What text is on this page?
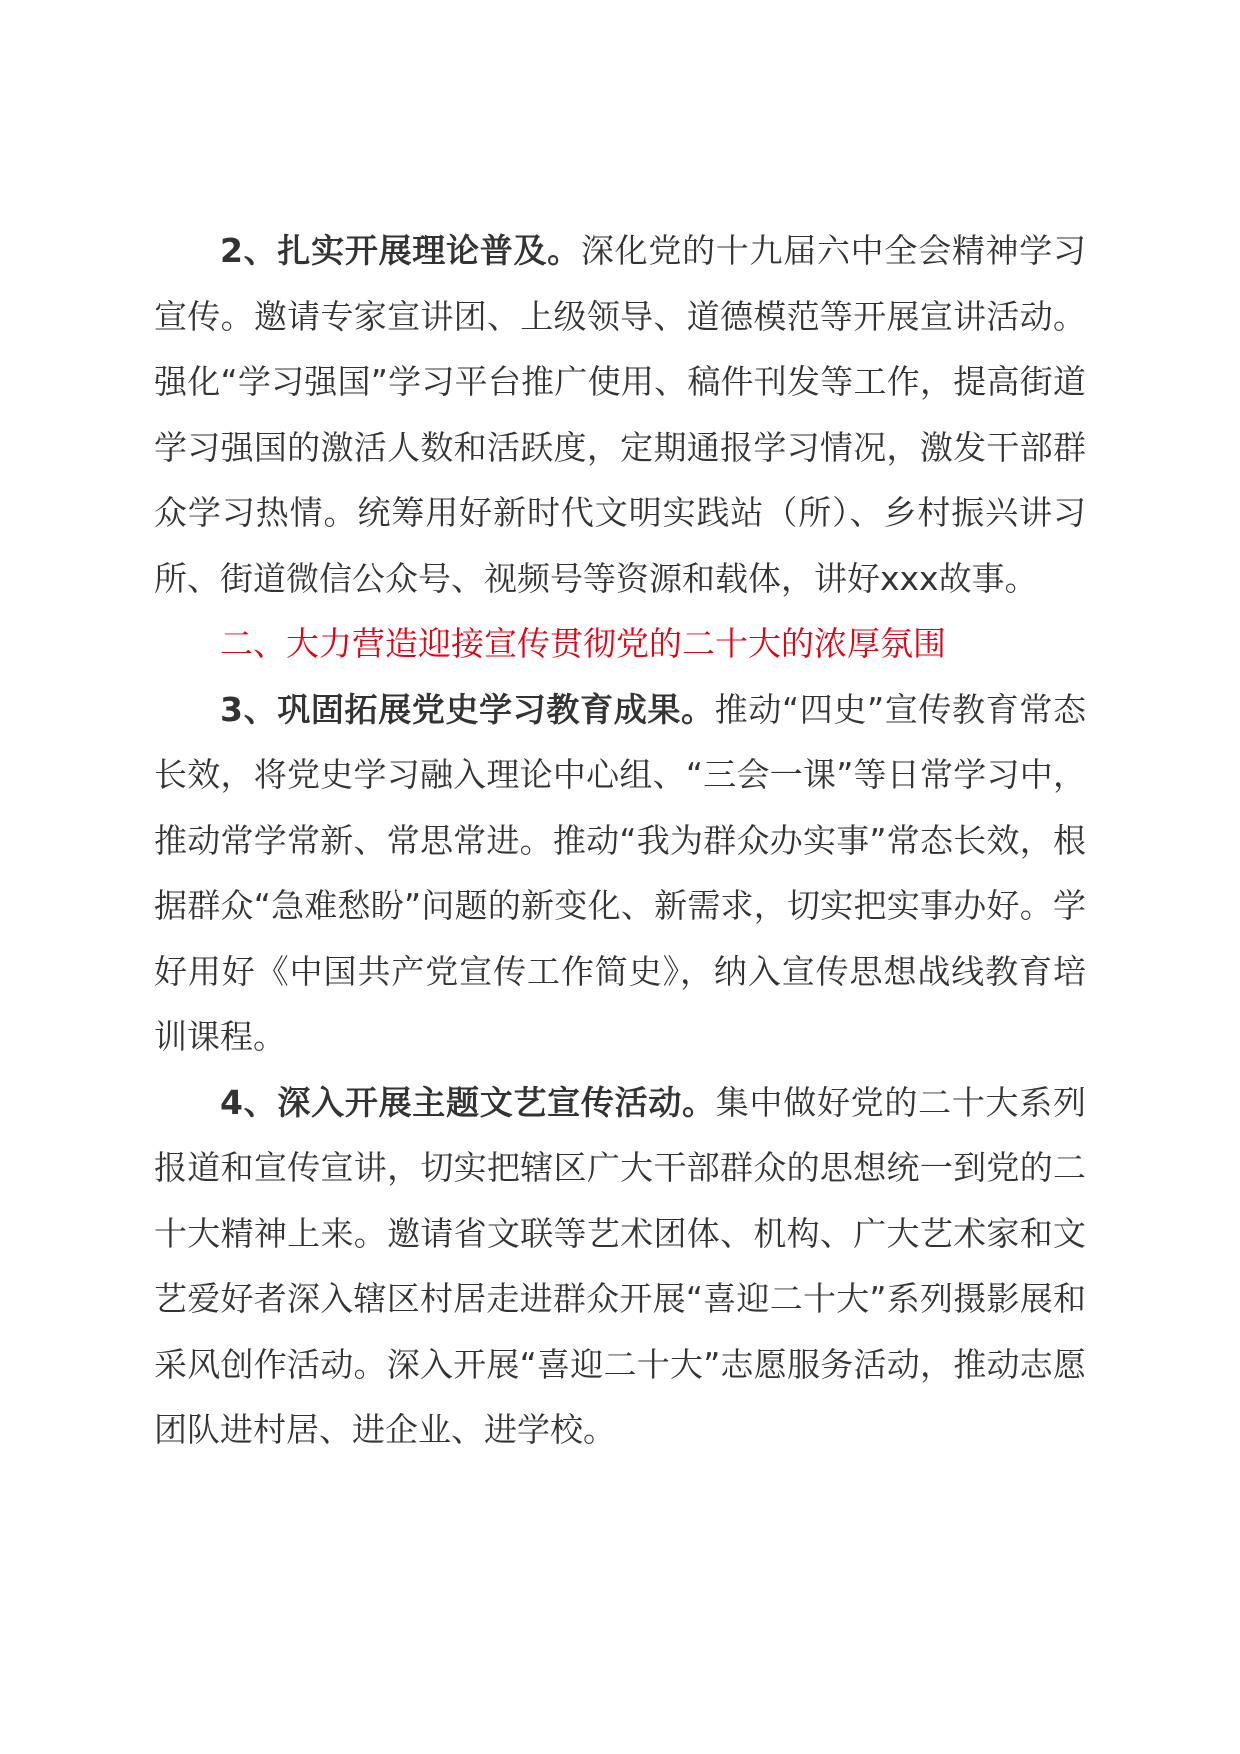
2、扎实开展理论普及。深化党的十九届六中全会精神学习宣传。邀请专家宣讲团、上级领导、道德模范等开展宣讲活动。强化“学习强国”学习平台推广使用、稿件刊发等工作，提高街道学习强国的激活人数和活跃度，定期通报学习情况，激发干部群众学习热情。统筹用好新时代文明实践站（所）、乡村振兴讲习所、街道微信公众号、视频号等资源和载体，讲好xxx故事。

二、大力营造迎接宣传贯彻党的二十大的浓厚氛围

3、巩固拓展党史学习教育成果。推动“四史”宣传教育常态长效，将党史学习融入理论中心组、“三会一课”等日常学习中，推动常学常新、常思常进。推动“我为群众办实事”常态长效，根据群众“急难愁盼”问题的新变化、新需求，切实把实事办好。学好用好《中国共产党宣传工作简史》，纳入宣传思想战线教育培训课程。

4、深入开展主题文艺宣传活动。集中做好党的二十大系列报道和宣传宣讲，切实把辖区广大干部群众的思想统一到党的二十大精神上来。邀请省文联等艺术团体、机构、广大艺术家和文艺爱好者深入辖区村居走进群众开展“喜迎二十大”系列摄影展和采风创作活动。深入开展“喜迎二十大”志愿服务活动，推动志愿团队进村居、进企业、进学校。
